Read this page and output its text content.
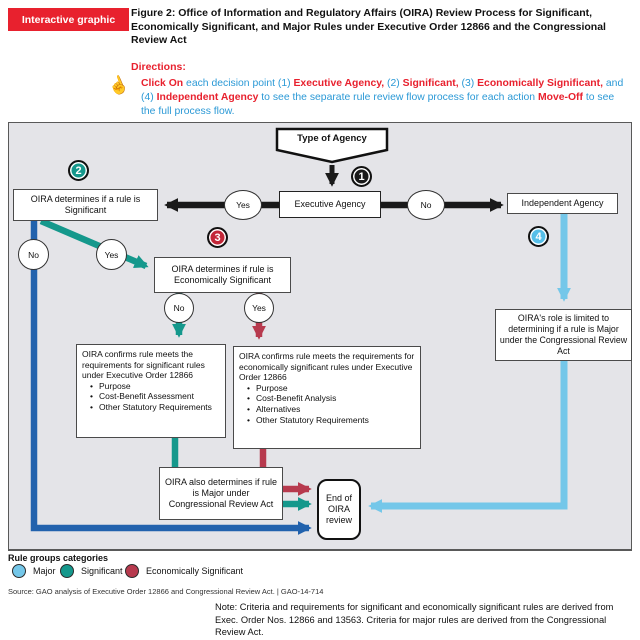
Interactive graphic
Figure 2: Office of Information and Regulatory Affairs (OIRA) Review Process for Significant, Economically Significant, and Major Rules under Executive Order 12866 and the Congressional Review Act
Directions:
☝ Click On each decision point (1) Executive Agency, (2) Significant, (3) Economically Significant, and (4) Independent Agency to see the separate rule review flow process for each action Move-Off to see the full process flow.
Type of Agency
OIRA determines if a rule is Significant
Executive Agency	Independent Agency
OIRA determines if rule is Economically Significant
OIRA confirms rule meets the requirements for significant rules under Executive Order 12866
• Purpose
• Cost-Benefit Assessment
• Other Statutory Requirements
OIRA confirms rule meets the requirements for economically significant rules under Executive Order 12866
• Purpose
• Cost-Benefit Analysis
• Alternatives
• Other Statutory Requirements
OIRA also determines if rule is Major under Congressional Review Act
End of OIRA review
OIRA's role is limited to determining if a rule is Major under the Congressional Review Act
1
2
3	4
Yes	No
No	Yes
No	Yes
Rule groups categories
Major	Significant	Economically Significant
Source: GAO analysis of Executive Order 12866 and Congressional Review Act. | GAO-14-714
Note: Criteria and requirements for significant and economically significant rules are derived from Exec. Order Nos. 12866 and 13563. Criteria for major rules are derived from the Congressional Review Act.
